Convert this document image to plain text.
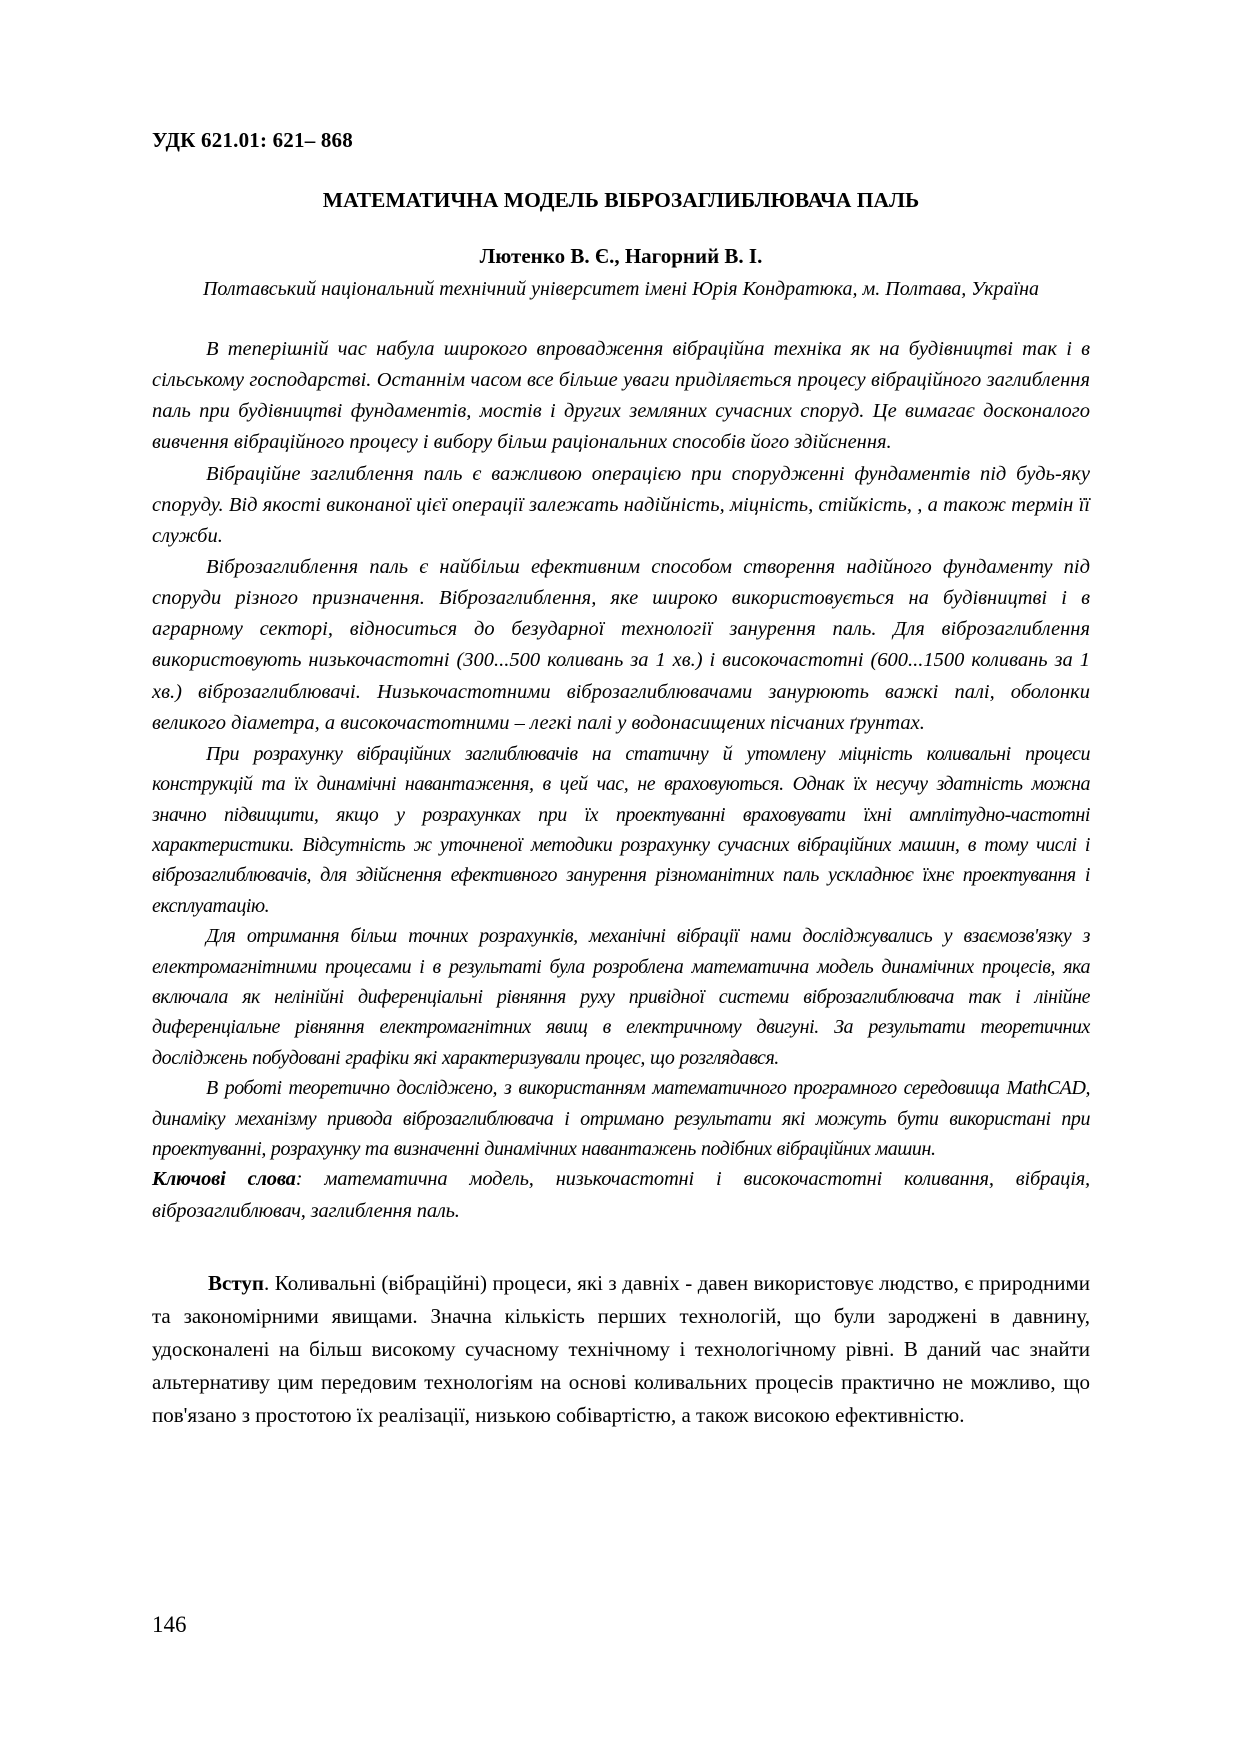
УДК 621.01: 621– 868
МАТЕМАТИЧНА МОДЕЛЬ ВІБРОЗАГЛИБЛЮВАЧА ПАЛЬ
Лютенко В. Є., Нагорний В. І.
Полтавський національний технічний університет імені Юрія Кондратюка, м. Полтава, Україна

В теперішній час набула широкого впровадження вібраційна техніка як на будівництві так і в сільському господарстві. Останнім часом все більше уваги приділяється процесу вібраційного заглиблення паль при будівництві фундаментів, мостів і других земляних сучасних споруд. Це вимагає досконалого вивчення вібраційного процесу і вибору більш раціональних способів його здійснення.

Вібраційне заглиблення паль є важливою операцією при спорудженні фундаментів під будь-яку споруду. Від якості виконаної цієї операції залежать надійність, міцність, стійкість, , а також термін її служби.

Віброзаглиблення паль є найбільш ефективним способом створення надійного фундаменту під споруди різного призначення. Віброзаглиблення, яке широко використовується на будівництві і в аграрному секторі, відноситься до безударної технології занурення паль. Для віброзаглиблення використовують низькочастотні (300...500 коливань за 1 хв.) і високочастотні (600...1500 коливань за 1 хв.) віброзаглиблювачі. Низькочастотними віброзаглиблювачами занурюють важкі палі, оболонки великого діаметра, а високочастотними – легкі палі у водонасищених пісчаних ґрунтах.

При розрахунку вібраційних заглиблювачів на статичну й утомлену міцність коливальні процеси конструкцій та їх динамічні навантаження, в цей час, не враховуються. Однак їх несучу здатність можна значно підвищити, якщо у розрахунках при їх проектуванні враховувати їхні амплітудно-частотні характеристики. Відсутність ж уточненої методики розрахунку сучасних вібраційних машин, в тому числі і віброзаглиблювачів, для здійснення ефективного занурення різноманітних паль ускладнює їхнє проектування і експлуатацію.

Для отримання більш точних розрахунків, механічні вібрації нами досліджувались у взаємозв'язку з електромагнітними процесами і в результаті була розроблена математична модель динамічних процесів, яка включала як нелінійні диференціальні рівняння руху привідної системи віброзаглиблювача так і лінійне диференціальне рівняння електромагнітних явищ в електричному двигуні. За результати теоретичних досліджень побудовані графіки які характеризували процес, що розглядався.

В роботі теоретично досліджено, з використанням математичного програмного середовища MathCAD, динаміку механізму привода віброзаглиблювача і отримано результати які можуть бути використані при проектуванні, розрахунку та визначенні динамічних навантажень подібних вібраційних машин.

Ключові слова: математична модель, низькочастотні і високочастотні коливання, вібрація, віброзаглиблювач, заглиблення паль.

Вступ. Коливальні (вібраційні) процеси, які з давніх - давен використовує людство, є природними та закономірними явищами. Значна кількість перших технологій, що були зароджені в давнину, удосконалені на більш високому сучасному технічному і технологічному рівні. В даний час знайти альтернативу цим передовим технологіям на основі коливальних процесів практично не можливо, що пов'язано з простотою їх реалізації, низькою собівартістю, а також високою ефективністю.

146
